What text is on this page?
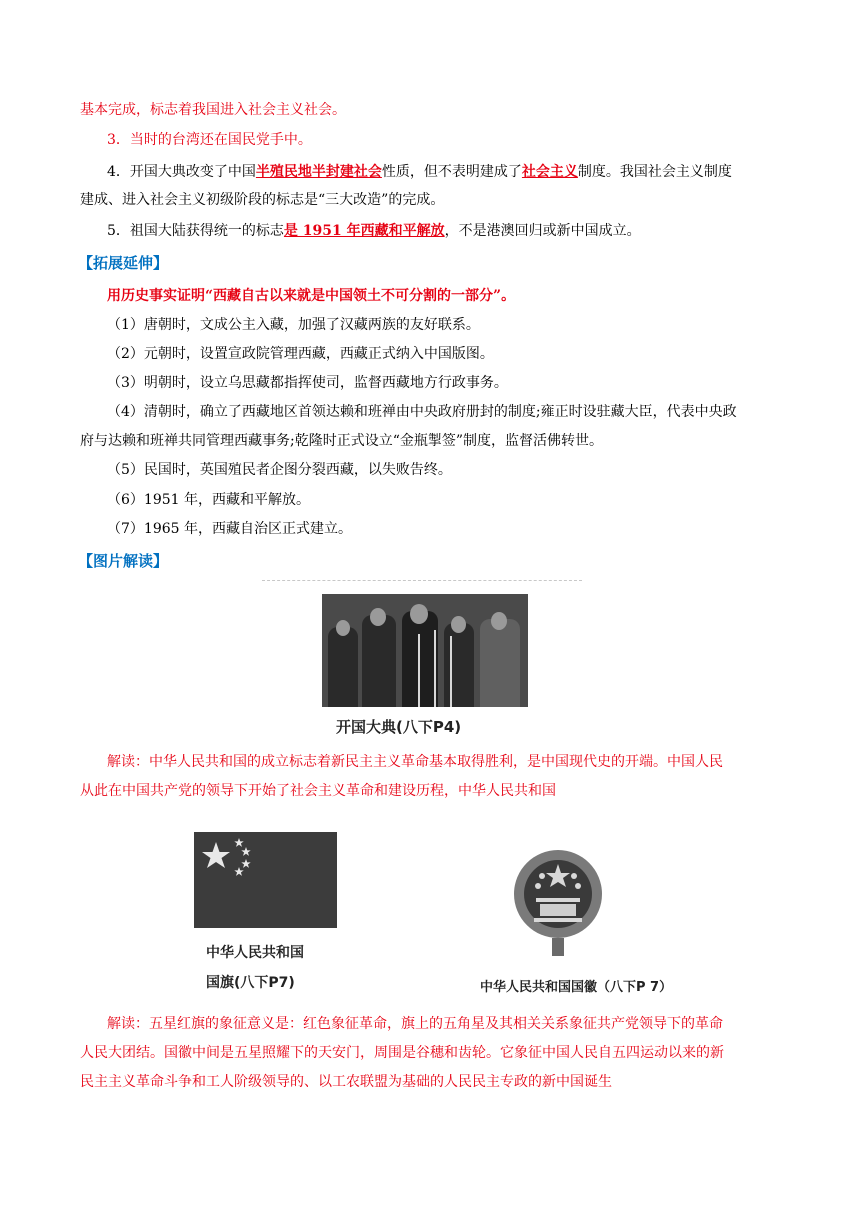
基本完成，标志着我国进入社会主义社会。
3．当时的台湾还在国民党手中。
4．开国大典改变了中国半殖民地半封建社会性质，但不表明建成了社会主义制度。我国社会主义制度
建成、进入社会主义初级阶段的标志是“三大改造”的完成。
5．祖国大陆获得统一的标志是 1951 年西藏和平解放，不是港澳回归或新中国成立。
【拓展延伸】
用历史事实证明“西藏自古以来就是中国领土不可分割的一部分”。
（1）唐朝时，文成公主入藏，加强了汉藏两族的友好联系。
（2）元朝时，设置宣政院管理西藏，西藏正式纳入中国版图。
（3）明朝时，设立乌思藏都指挥使司，监督西藏地方行政事务。
（4）清朝时，确立了西藏地区首领达赖和班禅由中央政府册封的制度;雍正时设驻藏大臣，代表中央政
府与达赖和班禅共同管理西藏事务;乾隆时正式设立“金瓶掣签”制度，监督活佛转世。
（5）民国时，英国殖民者企图分裂西藏，以失败告终。
（6）1951 年，西藏和平解放。
（7）1965 年，西藏自治区正式建立。
【图片解读】
开国大典(八下P4)
解读：中华人民共和国的成立标志着新民主主义革命基本取得胜利，是中国现代史的开端。中国人民
从此在中国共产党的领导下开始了社会主义革命和建设历程，中华人民共和国
中华人民共和国
国旗(八下P7)	中华人民共和国国徽（八下P 7）
解读：五星红旗的象征意义是：红色象征革命，旗上的五角星及其相关关系象征共产党领导下的革命
人民大团结。国徽中间是五星照耀下的天安门，周围是谷穗和齿轮。它象征中国人民自五四运动以来的新
民主主义革命斗争和工人阶级领导的、以工农联盟为基础的人民民主专政的新中国诞生
